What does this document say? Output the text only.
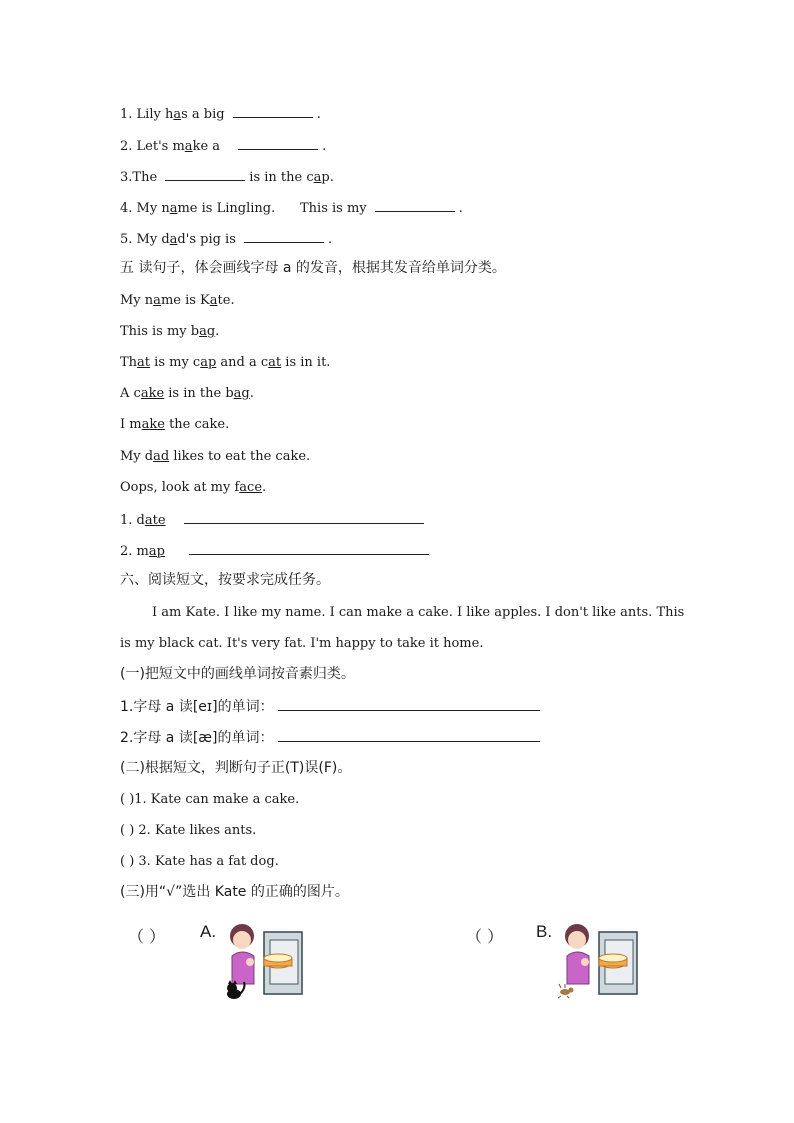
1. Lily has a big	.
2. Let's make a	.
3.The	is in the cap.
4. My name is Lingling.      This is my	.
5. My dad's pig is	.
五 读句子，体会画线字母 a 的发音，根据其发音给单词分类。
My name is Kate.
This is my bag.
That is my cap and a cat is in it.
A cake is in the bag.
I make the cake.
My dad likes to eat the cake.
Oops, look at my face.
1. date
2. map
六、阅读短文，按要求完成任务。
I am Kate. I like my name. I can make a cake. I like apples. I don't like ants. This
is my black cat. It's very fat. I'm happy to take it home.
(一)把短文中的画线单词按音素归类。
1.字母 a 读[eɪ]的单词：
2.字母 a 读[æ]的单词：
(二)根据短文，判断句子正(T)误(F)。
( )1. Kate can make a cake.
( ) 2. Kate likes ants.
( ) 3. Kate has a fat dog.
(三)用“√”选出 Kate 的正确的图片。
（ ） A.	（ ） B.
